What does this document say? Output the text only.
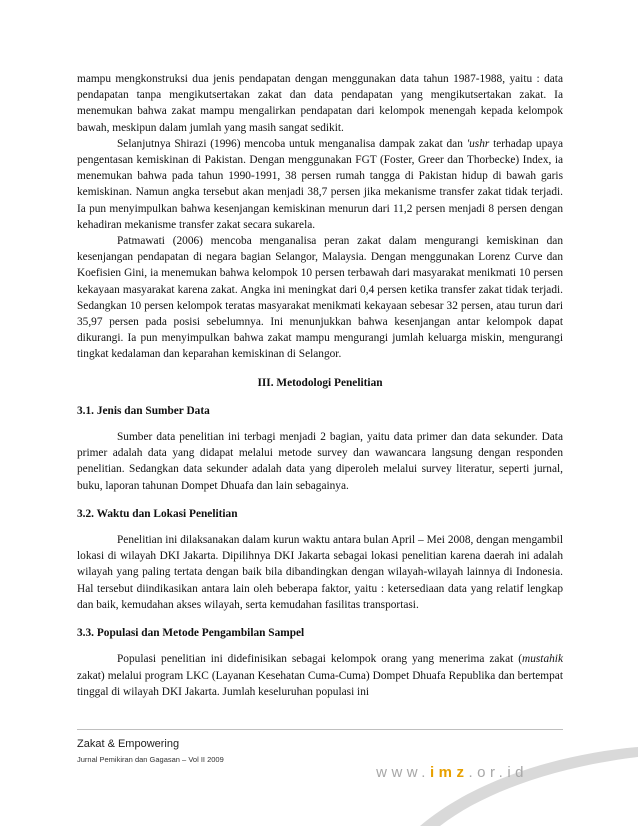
mampu mengkonstruksi dua jenis pendapatan dengan menggunakan data tahun 1987-1988, yaitu : data pendapatan tanpa mengikutsertakan zakat dan data pendapatan yang mengikutsertakan zakat. Ia menemukan bahwa zakat mampu mengalirkan pendapatan dari kelompok menengah kepada kelompok bawah, meskipun dalam jumlah yang masih sangat sedikit.

Selanjutnya Shirazi (1996) mencoba untuk menganalisa dampak zakat dan 'ushr terhadap upaya pengentasan kemiskinan di Pakistan. Dengan menggunakan FGT (Foster, Greer dan Thorbecke) Index, ia menemukan bahwa pada tahun 1990-1991, 38 persen rumah tangga di Pakistan hidup di bawah garis kemiskinan. Namun angka tersebut akan menjadi 38,7 persen jika mekanisme transfer zakat tidak terjadi. Ia pun menyimpulkan bahwa kesenjangan kemiskinan menurun dari 11,2 persen menjadi 8 persen dengan kehadiran mekanisme transfer zakat secara sukarela.

Patmawati (2006) mencoba menganalisa peran zakat dalam mengurangi kemiskinan dan kesenjangan pendapatan di negara bagian Selangor, Malaysia. Dengan menggunakan Lorenz Curve dan Koefisien Gini, ia menemukan bahwa kelompok 10 persen terbawah dari masyarakat menikmati 10 persen kekayaan masyarakat karena zakat. Angka ini meningkat dari 0,4 persen ketika transfer zakat tidak terjadi. Sedangkan 10 persen kelompok teratas masyarakat menikmati kekayaan sebesar 32 persen, atau turun dari 35,97 persen pada posisi sebelumnya. Ini menunjukkan bahwa kesenjangan antar kelompok dapat dikurangi. Ia pun menyimpulkan bahwa zakat mampu mengurangi jumlah keluarga miskin, mengurangi tingkat kedalaman dan keparahan kemiskinan di Selangor.

III. Metodologi Penelitian
3.1. Jenis dan Sumber Data

Sumber data penelitian ini terbagi menjadi 2 bagian, yaitu data primer dan data sekunder. Data primer adalah data yang didapat melalui metode survey dan wawancara langsung dengan responden penelitian. Sedangkan data sekunder adalah data yang diperoleh melalui survey literatur, seperti jurnal, buku, laporan tahunan Dompet Dhuafa dan lain sebagainya.

3.2. Waktu dan Lokasi Penelitian

Penelitian ini dilaksanakan dalam kurun waktu antara bulan April – Mei 2008, dengan mengambil lokasi di wilayah DKI Jakarta. Dipilihnya DKI Jakarta sebagai lokasi penelitian karena daerah ini adalah wilayah yang paling tertata dengan baik bila dibandingkan dengan wilayah-wilayah lainnya di Indonesia. Hal tersebut diindikasikan antara lain oleh beberapa faktor, yaitu : ketersediaan data yang relatif lengkap dan baik, kemudahan akses wilayah, serta kemudahan fasilitas transportasi.

3.3. Populasi dan Metode Pengambilan Sampel

Populasi penelitian ini didefinisikan sebagai kelompok orang yang menerima zakat (mustahik zakat) melalui program LKC (Layanan Kesehatan Cuma-Cuma) Dompet Dhuafa Republika dan bertempat tinggal di wilayah DKI Jakarta. Jumlah keseluruhan populasi ini

Zakat & Empowering
Jurnal Pemikiran dan Gagasan – Vol II 2009
www.imz.or.id
